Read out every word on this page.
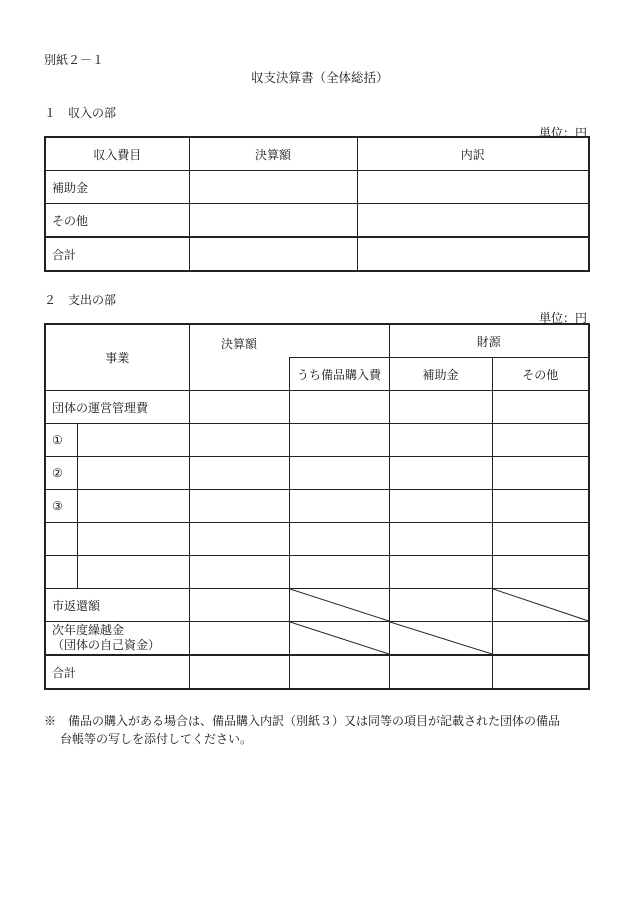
別紙２－１
収支決算書（全体総括）
１　収入の部
単位：円
収入費目	決算額	内訳
補助金		
その他		
合計		
２　支出の部
単位：円
事業		決算額		財源	
			うち備品購入費	補助金	その他
団体の運営管理費					
①					
②					
③					

市返還額		

次年度繰越金
（団体の自己資金）

合計					
※　備品の購入がある場合は、備品購入内訳（別紙３）又は同等の項目が記載された団体の備品
台帳等の写しを添付してください。
